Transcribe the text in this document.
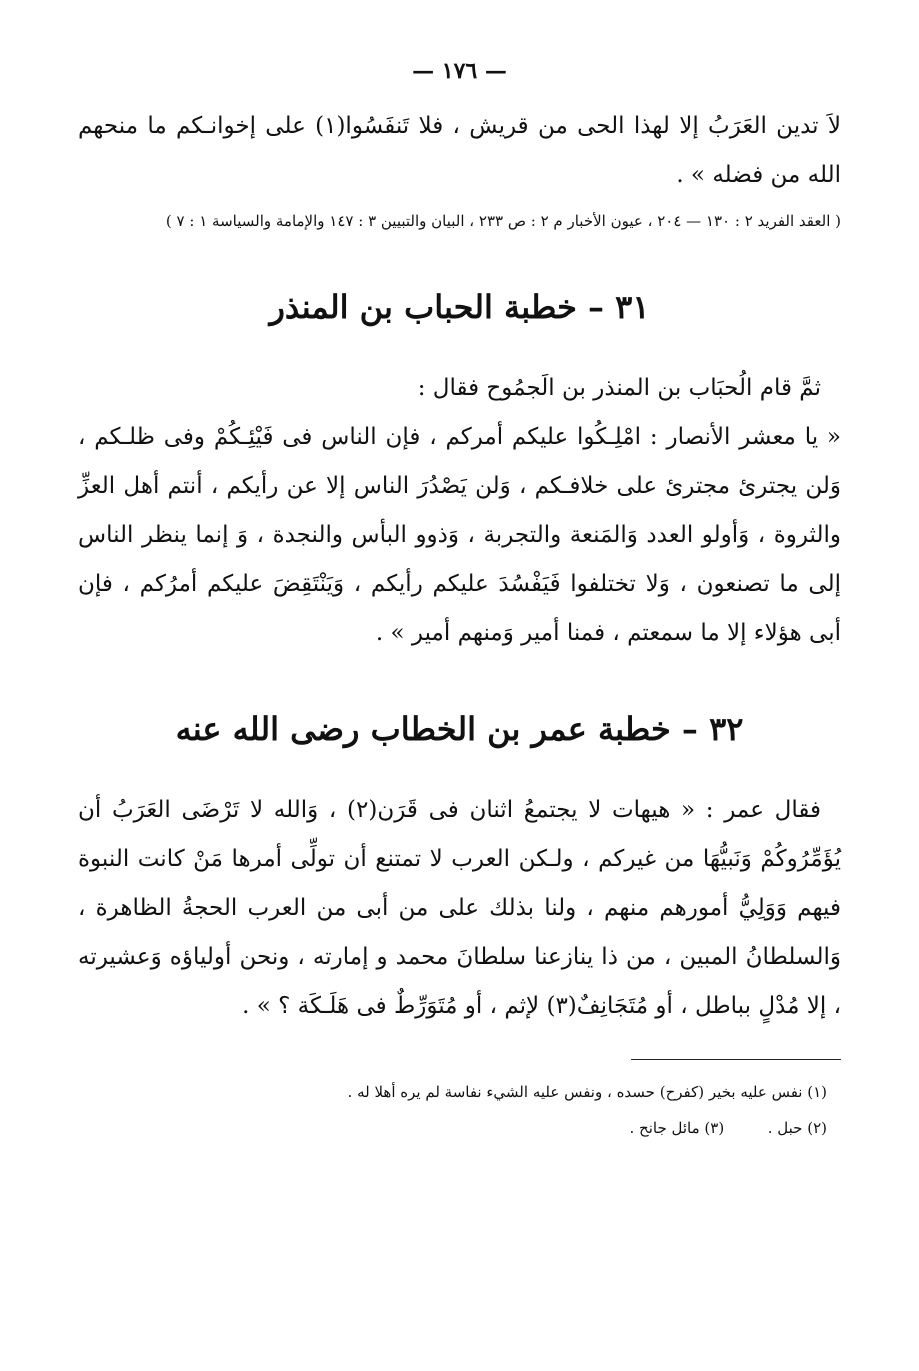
— ١٧٦ —

لاَ تدين العَرَبُ إلا لهذا الحى من قريش ، فلا تَنفَسُوا(١) على إخوانـكم ما منحهم الله من فضله » .

( العقد الفريد ٢ : ١٣٠ — ٢٠٤ ، عيون الأخبار م ٢ : ص ٢٣٣ ، البيان والتبيين ٣ : ١٤٧ والإمامة والسياسة ١ : ٧ )

٣١ – خطبة الحباب بن المنذر

ثمَّ قام الُحبَاب بن المنذر بن الَجمُوح فقال :

« يا معشر الأنصار : امْلِـكُوا عليكم أمركم ، فإن الناس فى فَيْئِـكُمْ وفى ظلـكم ، وَلن يجترئ مجترئ على خلافـكم ، وَلن يَصْدُرَ الناس إلا عن رأيكم ، أنتم أهل العزِّ والثروة ، وَأولو العدد وَالمَنعة والتجربة ، وَذوو البأس والنجدة ، وَ إنما ينظر الناس إلى ما تصنعون ، وَلا تختلفوا فَيَفْسُدَ عليكم رأيكم ، وَيَنْتَقِضَ عليكم أمرُكم ، فإن أبى هؤلاء إلا ما سمعتم ، فمنا أمير وَمنهم أمير » .

٣٢ – خطبة عمر بن الخطاب رضى الله عنه

فقال عمر : « هيهات لا يجتمعُ اثنان فى قَرَن(٢) ، وَالله لا تَرْضَى العَرَبُ أن يُؤَمِّرُوكُمْ وَنَبيُّهَا من غيركم ، ولـكن العرب لا تمتنع أن تولِّى أمرها مَنْ كانت النبوة فيهم وَوَلِيُّ أمورهم منهم ، ولنا بذلك على من أبى من العرب الحجةُ الظاهرة ، وَالسلطانُ المبين ، من ذا ينازعنا سلطانَ محمد و إمارته ، ونحن أولياؤه وَعشيرته ، إلا مُدْلٍ بباطل ، أو مُتَجَانِفٌ(٣) لإثم ، أو مُتَوَرِّطٌ فى هَلَـكَة ؟ » .

(١) نفس عليه بخير (كفرح) حسده ، ونفس عليه الشيء نفاسة لم يره أهلا له .

(٢) حبل .  (٣) مائل جانح .
